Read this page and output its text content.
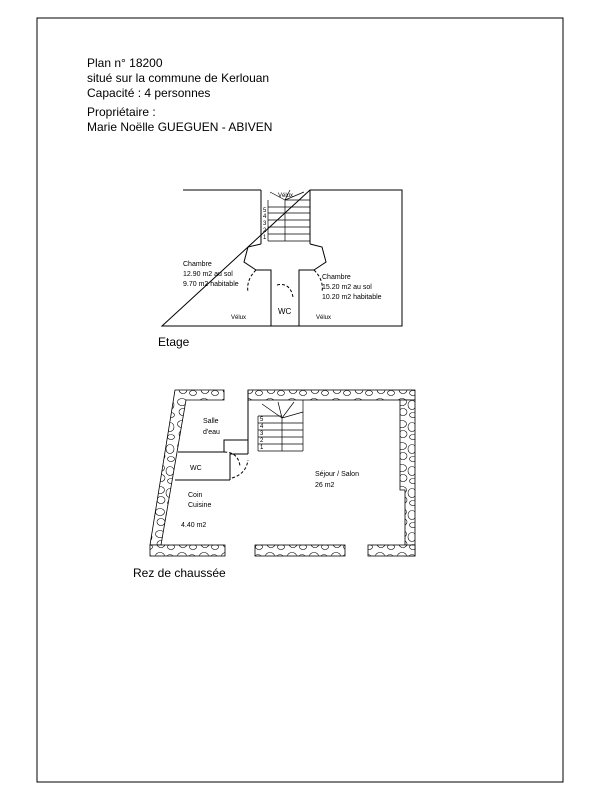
Plan n° 18200
situé sur la commune de Kerlouan
Capacité : 4 personnes
Propriétaire :
Marie Noëlle GUEGUEN - ABIVEN
Vélux
5
4
3
2
1
Chambre
12.90 m2 au sol
9.70 m2 habitable
Chambre
15.20 m2 au sol
10.20 m2 habitable
WC
Vélux	Vélux
5
4
3
2
1
Salle
d'eau
WC
Coin
Cuisine
4.40 m2
Séjour / Salon
26 m2
Etage
Rez de chaussée
